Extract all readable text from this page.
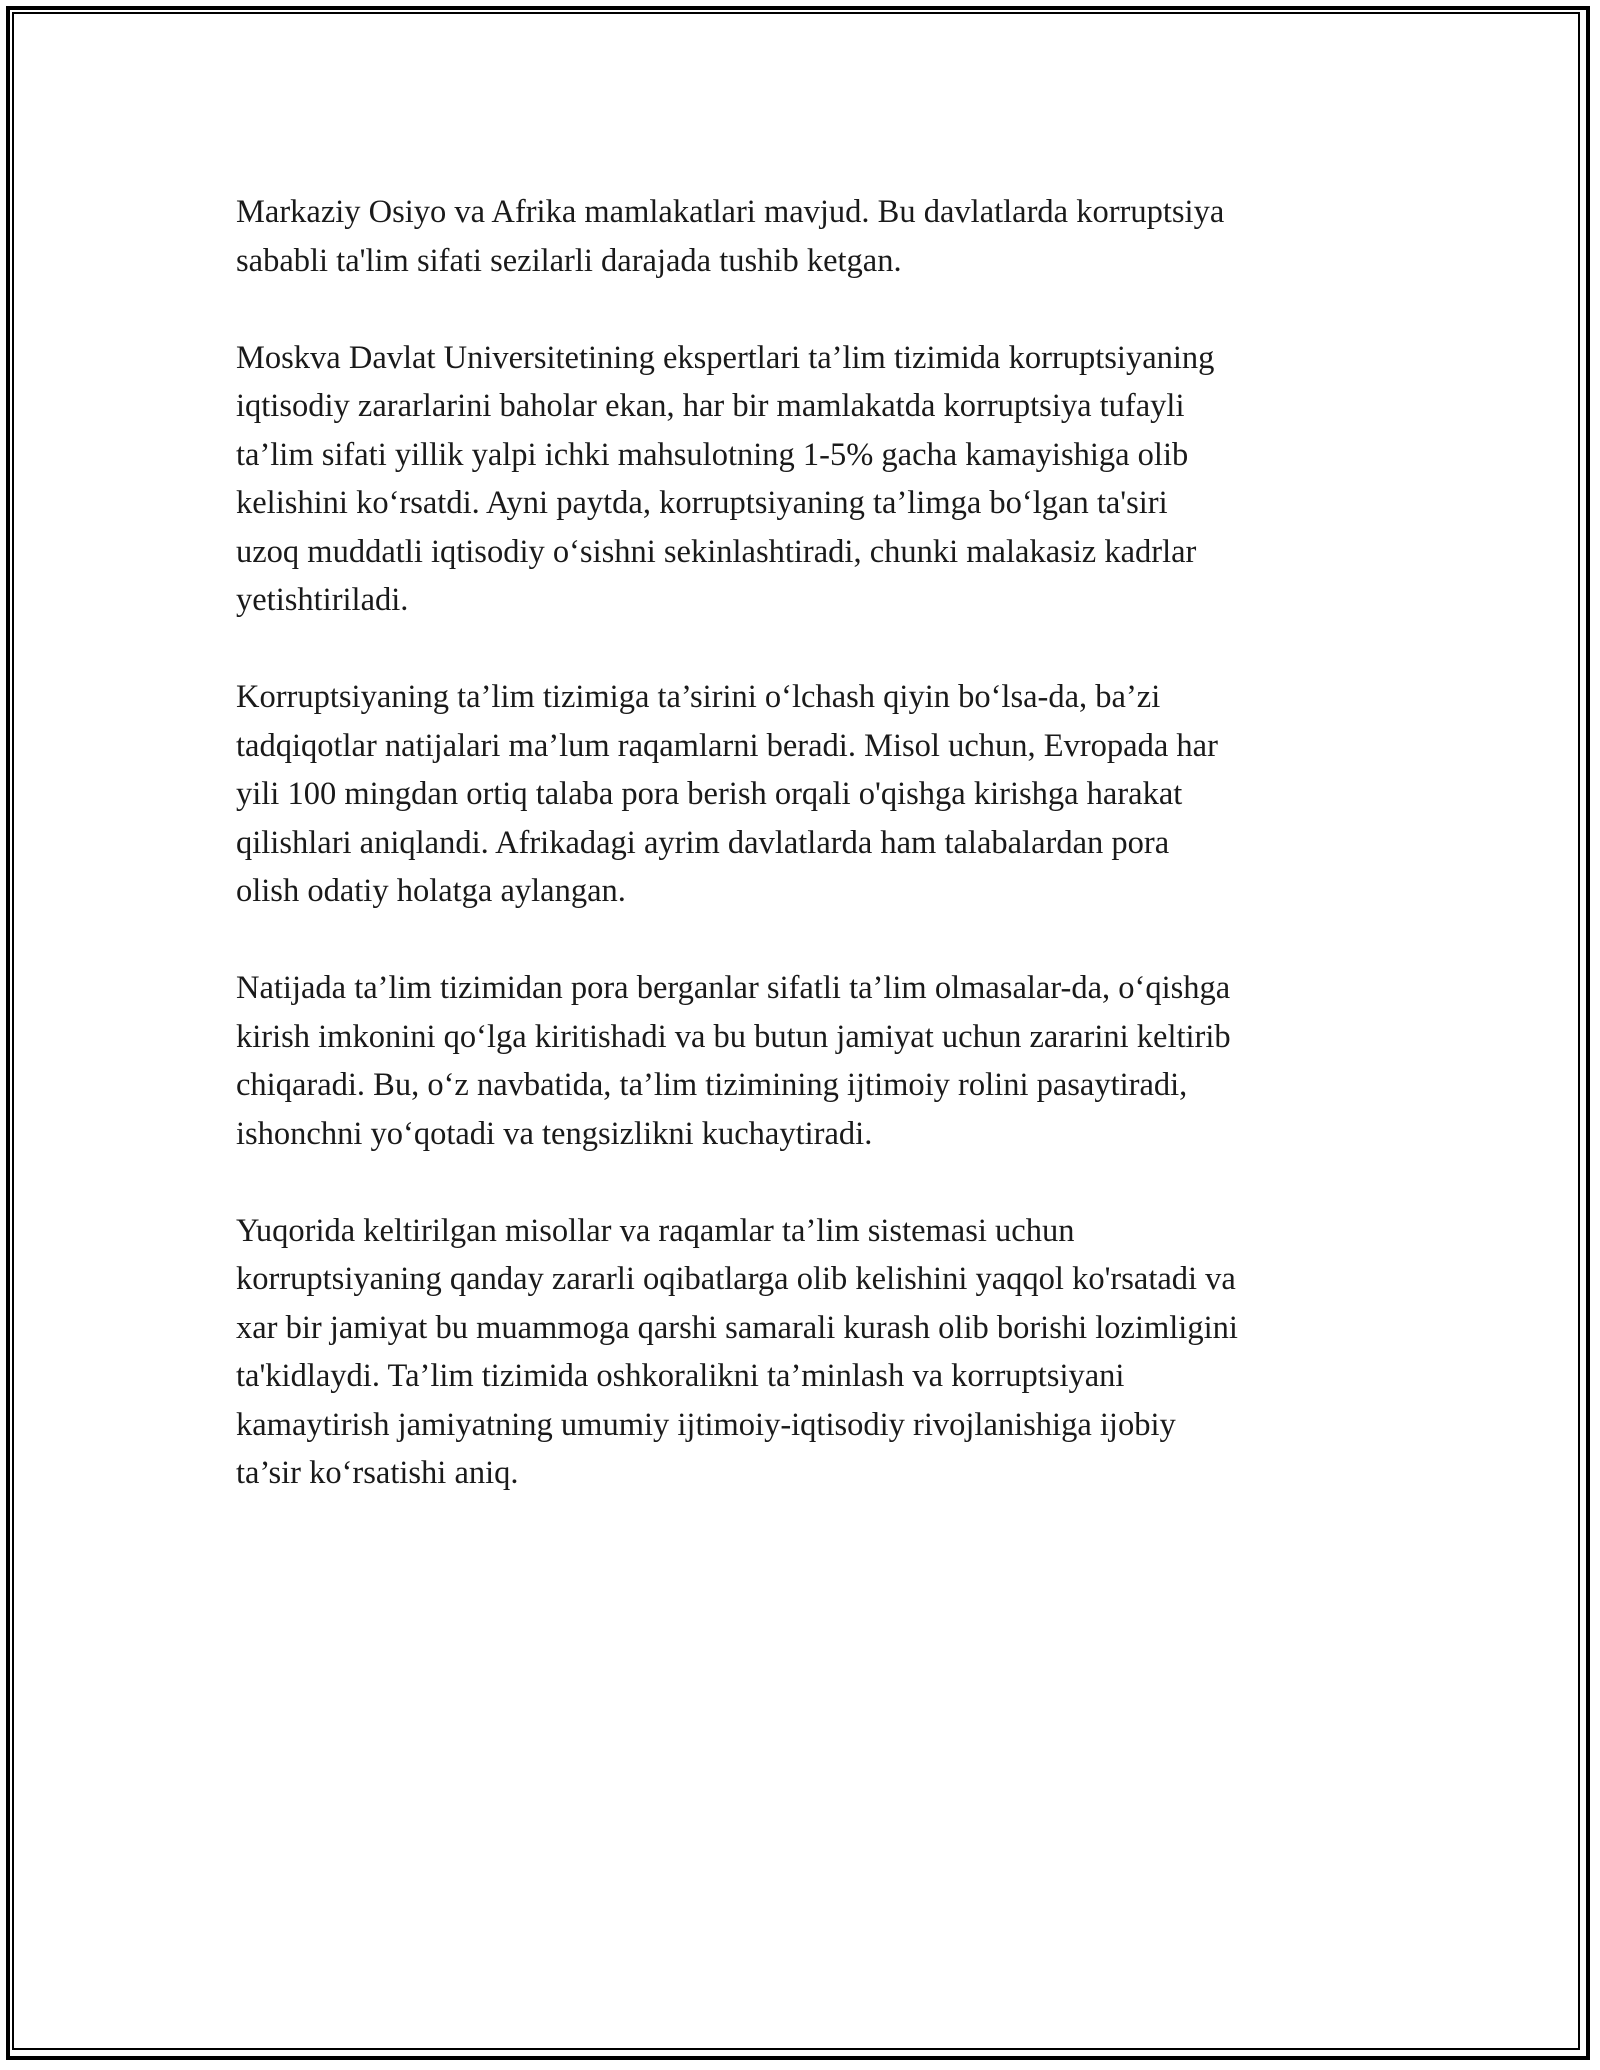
Markaziy Osiyo va Afrika mamlakatlari mavjud. Bu davlatlarda korruptsiya
sababli ta'lim sifati sezilarli darajada tushib ketgan.

Moskva Davlat Universitetining ekspertlari ta’lim tizimida korruptsiyaning
iqtisodiy zararlarini baholar ekan, har bir mamlakatda korruptsiya tufayli
ta’lim sifati yillik yalpi ichki mahsulotning 1-5% gacha kamayishiga olib
kelishini ko‘rsatdi. Ayni paytda, korruptsiyaning ta’limga bo‘lgan ta'siri
uzoq muddatli iqtisodiy o‘sishni sekinlashtiradi, chunki malakasiz kadrlar
yetishtiriladi.

Korruptsiyaning ta’lim tizimiga ta’sirini o‘lchash qiyin bo‘lsa-da, ba’zi
tadqiqotlar natijalari ma’lum raqamlarni beradi. Misol uchun, Evropada har
yili 100 mingdan ortiq talaba pora berish orqali o'qishga kirishga harakat
qilishlari aniqlandi. Afrikadagi ayrim davlatlarda ham talabalardan pora
olish odatiy holatga aylangan.

Natijada ta’lim tizimidan pora berganlar sifatli ta’lim olmasalar-da, o‘qishga
kirish imkonini qo‘lga kiritishadi va bu butun jamiyat uchun zararini keltirib
chiqaradi. Bu, o‘z navbatida, ta’lim tizimining ijtimoiy rolini pasaytiradi,
ishonchni yo‘qotadi va tengsizlikni kuchaytiradi.

Yuqorida keltirilgan misollar va raqamlar ta’lim sistemasi uchun
korruptsiyaning qanday zararli oqibatlarga olib kelishini yaqqol ko'rsatadi va
xar bir jamiyat bu muammoga qarshi samarali kurash olib borishi lozimligini
ta'kidlaydi. Ta’lim tizimida oshkoralikni ta’minlash va korruptsiyani
kamaytirish jamiyatning umumiy ijtimoiy-iqtisodiy rivojlanishiga ijobiy
ta’sir ko‘rsatishi aniq.
